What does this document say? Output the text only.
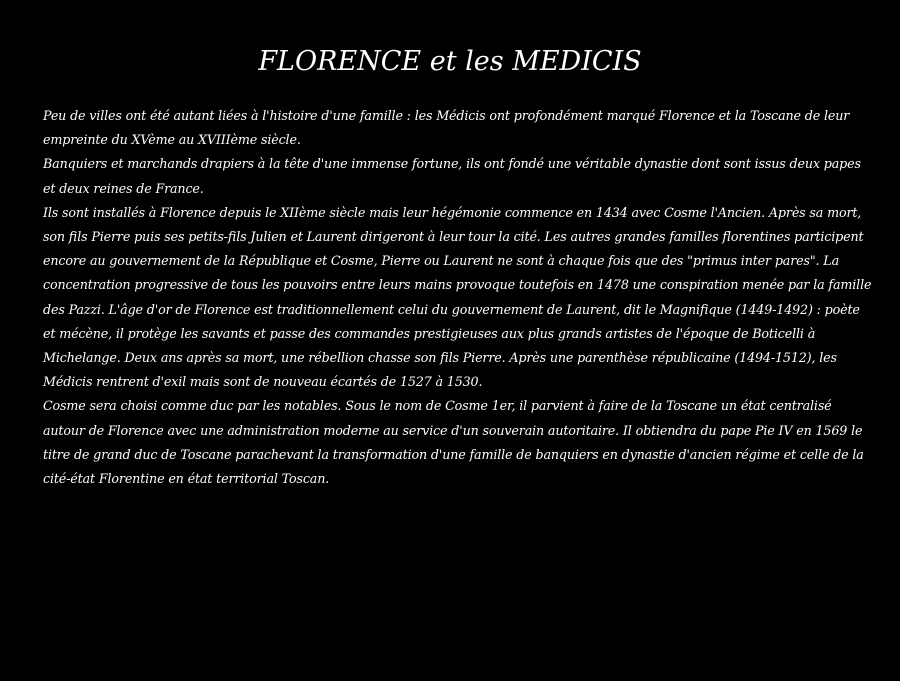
FLORENCE et les MEDICIS

Peu de villes ont été autant liées à l'histoire d'une famille : les Médicis ont profondément marqué Florence et la Toscane de leur empreinte du XVème au XVIIIème siècle.

Banquiers et marchands drapiers à la tête d'une immense fortune, ils ont fondé une véritable dynastie dont sont issus deux papes et deux reines de France.

Ils sont installés à Florence depuis le XIIème siècle mais leur hégémonie commence en 1434 avec Cosme l'Ancien. Après sa mort, son fils Pierre puis ses petits-fils Julien et Laurent dirigeront à leur tour la cité. Les autres grandes familles florentines participent encore au gouvernement de la République et Cosme, Pierre ou Laurent ne sont à chaque fois que des "primus inter pares". La concentration progressive de tous les pouvoirs entre leurs mains provoque toutefois en 1478 une conspiration menée par la famille des Pazzi. L'âge d'or de Florence est traditionnellement celui du gouvernement de Laurent, dit le Magnifique (1449-1492) : poète et mécène, il protège les savants et passe des commandes prestigieuses aux plus grands artistes de l'époque de Boticelli à Michelange. Deux ans après sa mort, une rébellion chasse son fils Pierre. Après une parenthèse républicaine (1494-1512), les Médicis rentrent d'exil mais sont de nouveau écartés de 1527 à 1530.

Cosme sera choisi comme duc par les notables. Sous le nom de Cosme 1er, il parvient à faire de la Toscane un état centralisé autour de Florence avec une administration moderne au service d'un souverain autoritaire. Il obtiendra du pape Pie IV en 1569 le titre de grand duc de Toscane parachevant la transformation d'une famille de banquiers en dynastie d'ancien régime et celle de la cité-état Florentine en état territorial Toscan.
